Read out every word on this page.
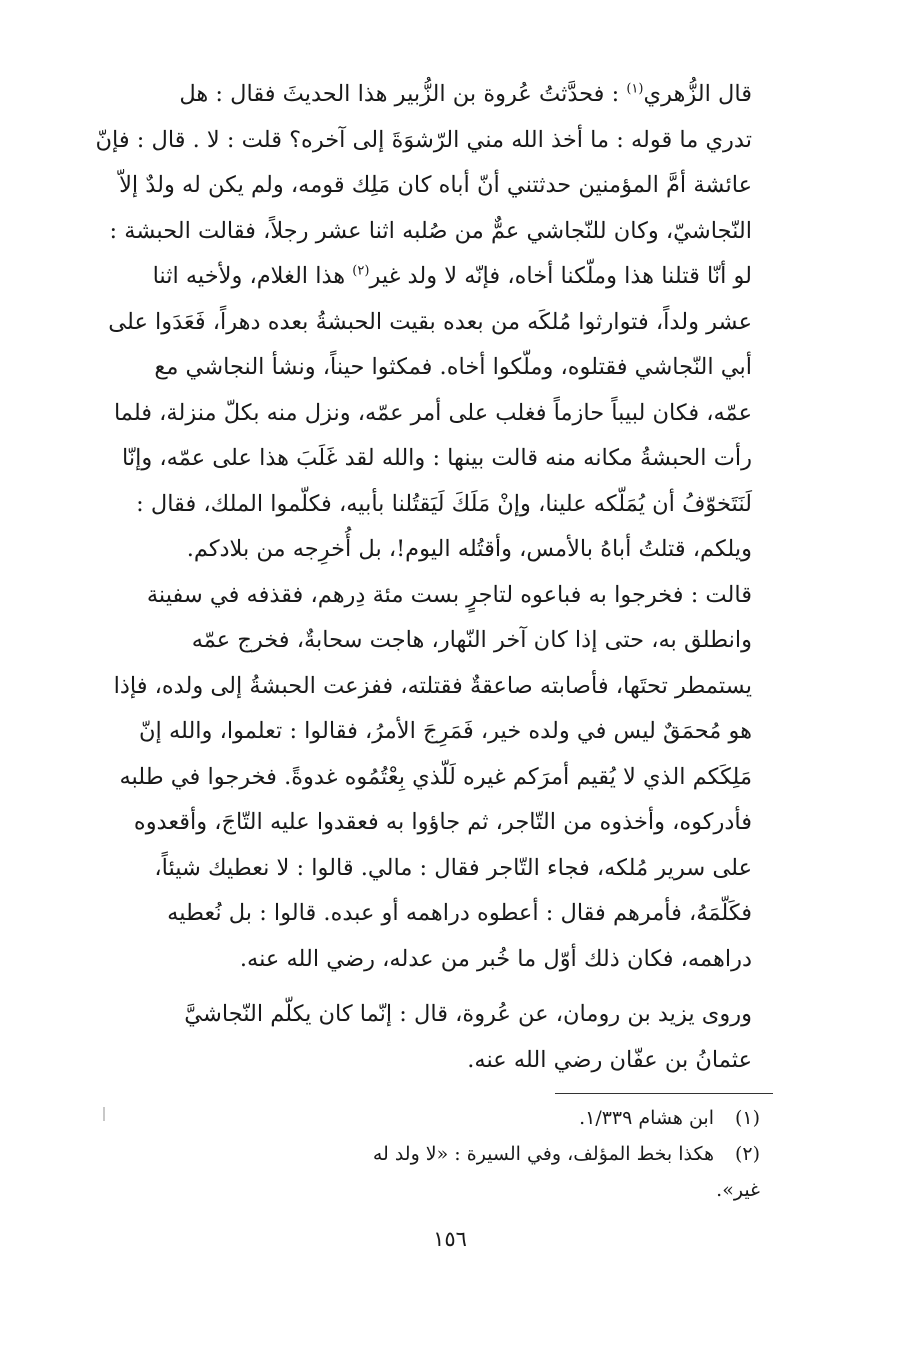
قال الزُّهري$^{(١)}$ : فحدَّثتُ عُروة بن الزُّبير هذا الحديثَ فقال : هل
تدري ما قوله : ما أخذ الله مني الرّشوَةَ إلى آخره؟ قلت : لا . قال : فإنّ
عائشة أمَّ المؤمنين حدثتني أنّ أباه كان مَلِك قومه، ولم يكن له ولدٌ إلاّ
النّجاشيّ، وكان للنّجاشي عمٌّ من صُلبه اثنا عشر رجلاً، فقالت الحبشة :
لو أنّا قتلنا هذا وملّكنا أخاه، فإنّه لا ولد غير$^{(٢)}$ هذا الغلام، ولأخيه اثنا
عشر ولداً، فتوارثوا مُلكَه من بعده بقيت الحبشةُ بعده دهراً، فَعَدَوا على
أبي النّجاشي فقتلوه، وملّكوا أخاه. فمكثوا حيناً، ونشأ النجاشي مع
عمّه، فكان لبيباً حازماً فغلب على أمر عمّه، ونزل منه بكلّ منزلة، فلما
رأت الحبشةُ مكانه منه قالت بينها : والله لقد غَلَبَ هذا على عمّه، وإنّا
لَنَتَخوّفُ أن يُمَلّكه علينا، وإنْ مَلَكَ لَيَقتُلنا بأبيه، فكلّموا الملك، فقال :
ويلكم، قتلتُ أباهُ بالأمس، وأقتُله اليوم!، بل أُخرِجه من بلادكم.
قالت : فخرجوا به فباعوه لتاجرٍ بست مئة دِرهم، فقذفه في سفينة
وانطلق به، حتى إذا كان آخر النّهار، هاجت سحابةٌ، فخرج عمّه
يستمطر تحتَها، فأصابته صاعقةٌ فقتلته، ففزعت الحبشةُ إلى ولده، فإذا
هو مُحمَقٌ ليس في ولده خير، فَمَرِجَ الأمرُ، فقالوا : تعلموا، والله إنّ
مَلِكَكم الذي لا يُقيم أمرَكم غيره لَلّذي بِعْتُمُوه غدوةً. فخرجوا في طلبه
فأدركوه، وأخذوه من التّاجر، ثم جاؤوا به فعقدوا عليه التّاجَ، وأقعدوه
على سرير مُلكه، فجاء التّاجر فقال : مالي. قالوا : لا نعطيك شيئاً،
فكَلّمَهُ، فأمرهم فقال : أعطوه دراهمه أو عبده. قالوا : بل نُعطيه
دراهمه، فكان ذلك أوّل ما خُبر من عدله، رضي الله عنه.

وروى يزيد بن رومان، عن عُروة، قال : إنّما كان يكلّم النّجاشيَّ
عثمانُ بن عفّان رضي الله عنه.

(١)ابن هشام ١/٣٣٩.
(٢)هكذا بخط المؤلف، وفي السيرة : «لا ولد له غير».
١٥٦
